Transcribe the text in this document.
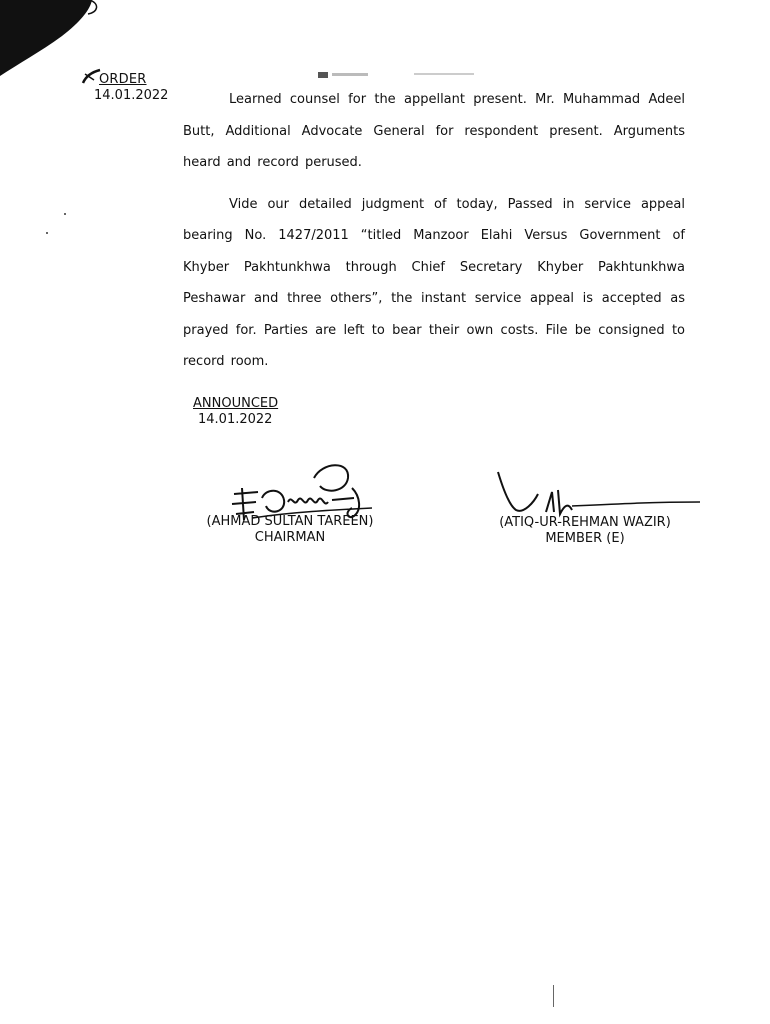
ORDER
14.01.2022	Learned counsel for the appellant present. Mr. Muhammad Adeel Butt, Additional Advocate General for respondent present. Arguments heard and record perused.

Vide our detailed judgment of today, Passed in service appeal bearing No. 1427/2011 “titled Manzoor Elahi Versus Government of Khyber Pakhtunkhwa through Chief Secretary Khyber Pakhtunkhwa Peshawar and three others”, the instant service appeal is accepted as prayed for. Parties are left to bear their own costs. File be consigned to record room.

ANNOUNCED
14.01.2022
(AHMAD SULTAN TAREEN)
CHAIRMAN
(ATIQ-UR-REHMAN WAZIR)
MEMBER (E)
